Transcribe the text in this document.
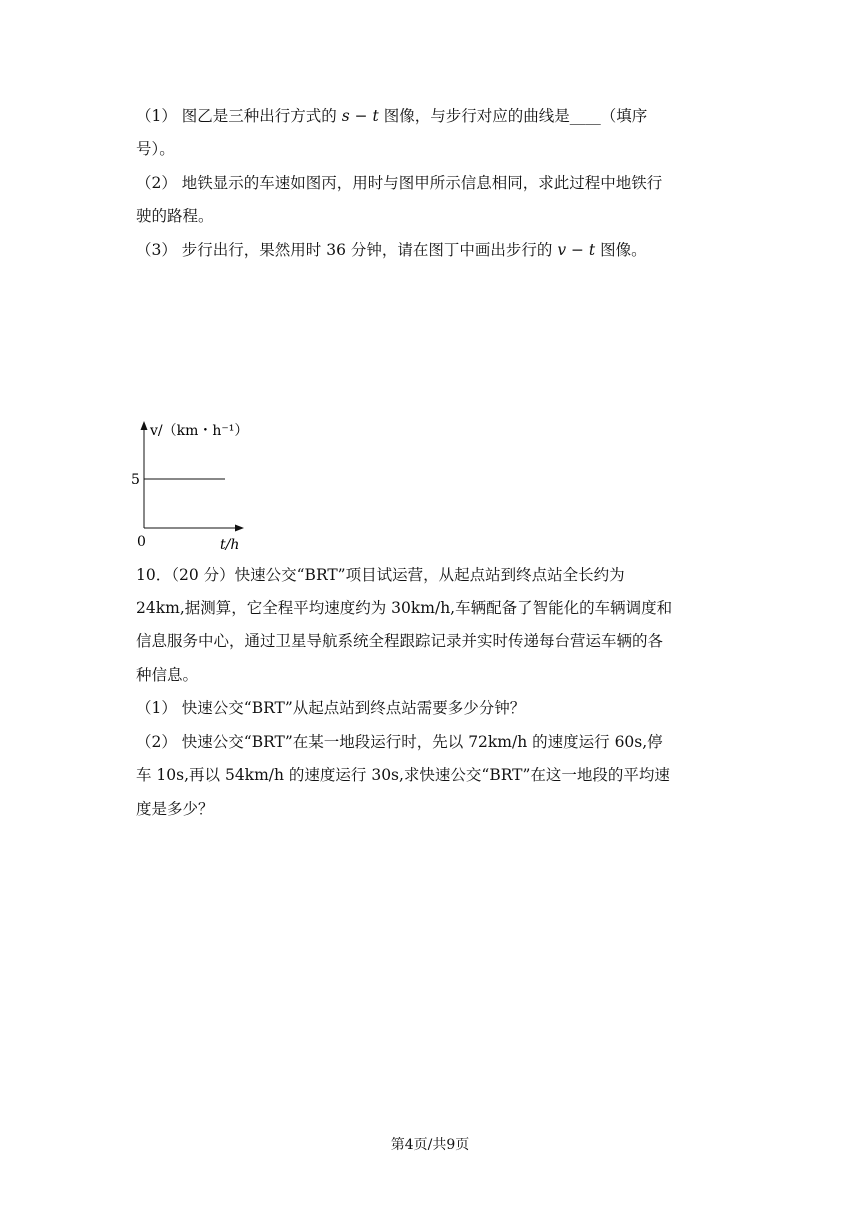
（1） 图乙是三种出行方式的 s − t 图像，与步行对应的曲线是____（填序
号）。
（2） 地铁显示的车速如图丙，用时与图甲所示信息相同，求此过程中地铁行
驶的路程。
（3） 步行出行，果然用时 36 分钟，请在图丁中画出步行的 v − t 图像。
v/（km・h⁻¹）
5
0	t/h
10．（20 分）快速公交“BRT”项目试运营，从起点站到终点站全长约为
24km,据测算，它全程平均速度约为 30km/h,车辆配备了智能化的车辆调度和
信息服务中心，通过卫星导航系统全程跟踪记录并实时传递每台营运车辆的各
种信息。
（1） 快速公交“BRT”从起点站到终点站需要多少分钟？
（2） 快速公交“BRT”在某一地段运行时，先以 72km/h 的速度运行 60s,停
车 10s,再以 54km/h 的速度运行 30s,求快速公交“BRT”在这一地段的平均速
度是多少？
第4页/共9页
